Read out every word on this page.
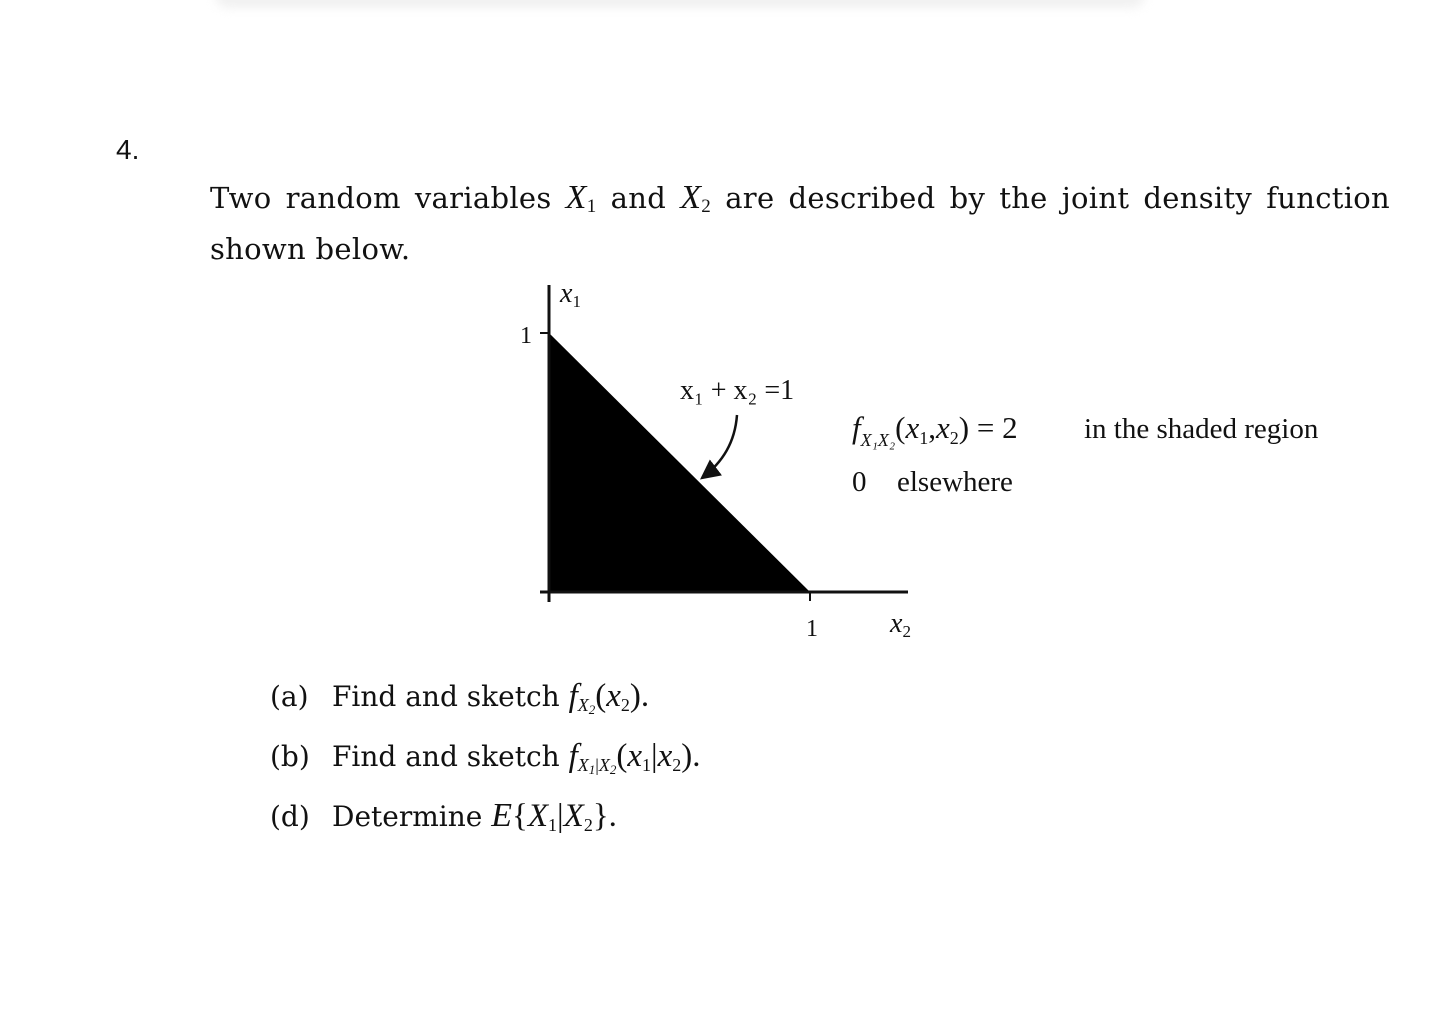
4.
Two random variables $X_1$ and $X_2$ are described by the joint density function shown below.
1
1
x1
x2
x₁ + x₂ =1
$f_{X_1X_2}(x1,x2) = 2$ in the shaded region
0 elsewhere
(a) Find and sketch $f_{X_2}(x_2)$.
(b) Find and sketch $f_{X_1|X_2}(x_1|x_2)$.
(d) Determine $E\{X_1|X_2\}$.
